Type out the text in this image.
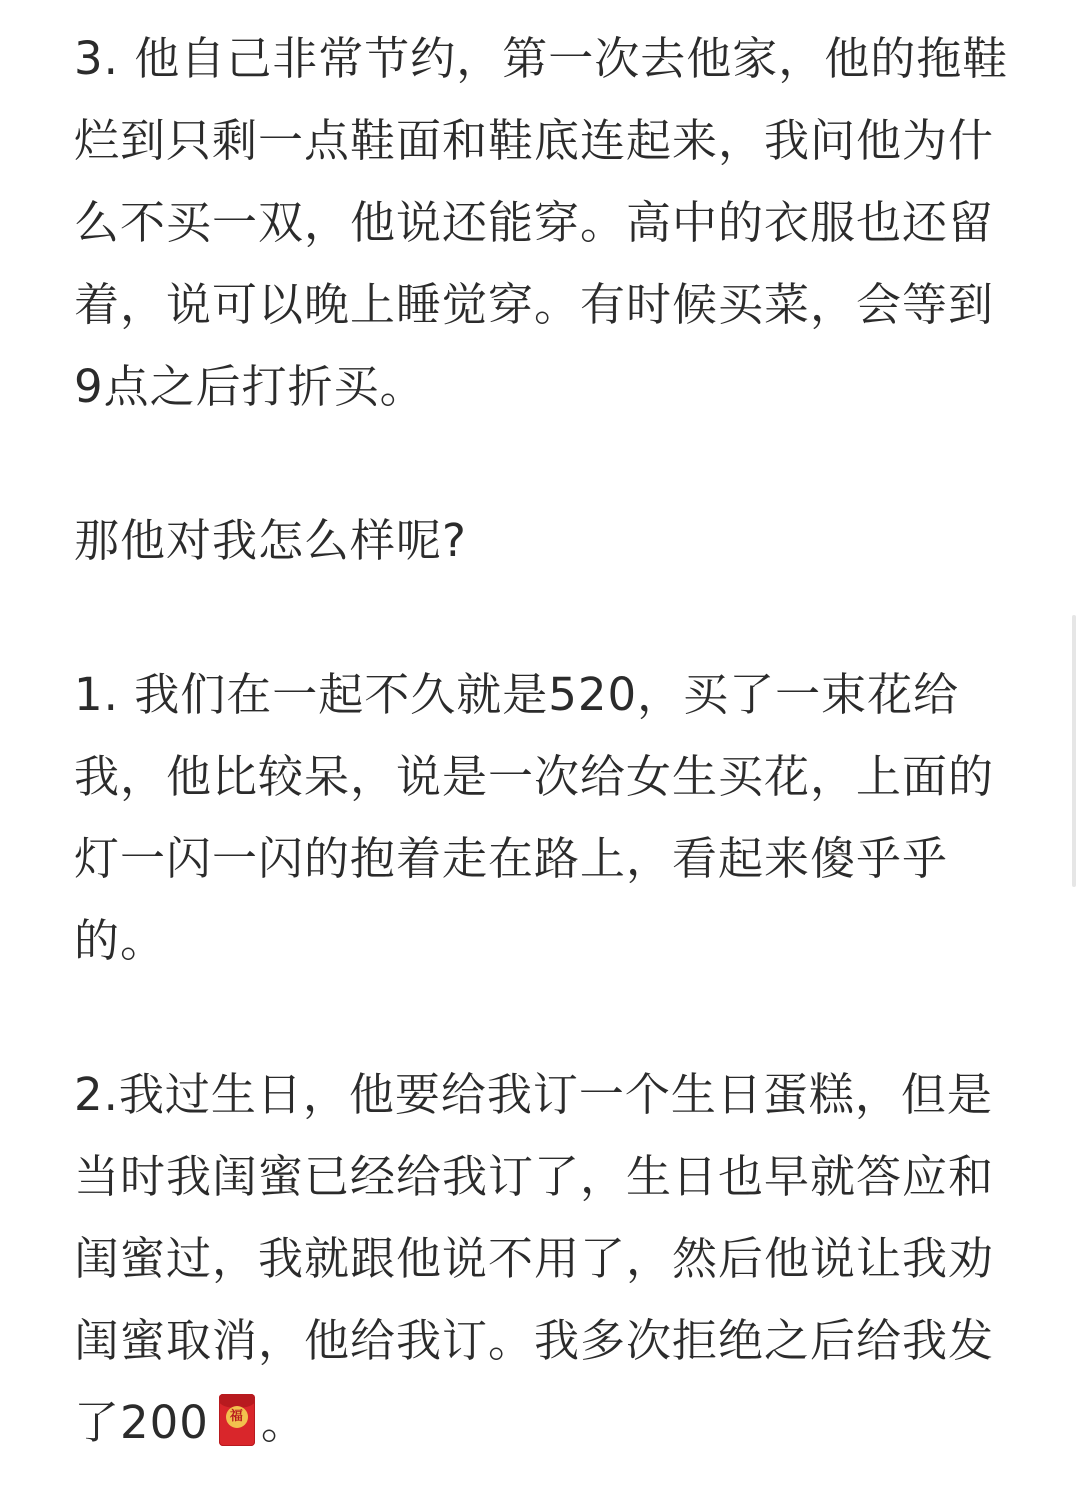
3. 他自己非常节约，第一次去他家，他的拖鞋烂到只剩一点鞋面和鞋底连起来，我问他为什么不买一双，他说还能穿。高中的衣服也还留着，说可以晚上睡觉穿。有时候买菜，会等到9点之后打折买。

那他对我怎么样呢?

1. 我们在一起不久就是520，买了一束花给我，他比较呆，说是一次给女生买花，上面的灯一闪一闪的抱着走在路上，看起来傻乎乎的。

2.我过生日，他要给我订一个生日蛋糕，但是当时我闺蜜已经给我订了，生日也早就答应和闺蜜过，我就跟他说不用了，然后他说让我劝闺蜜取消，他给我订。我多次拒绝之后给我发了200	福 。
